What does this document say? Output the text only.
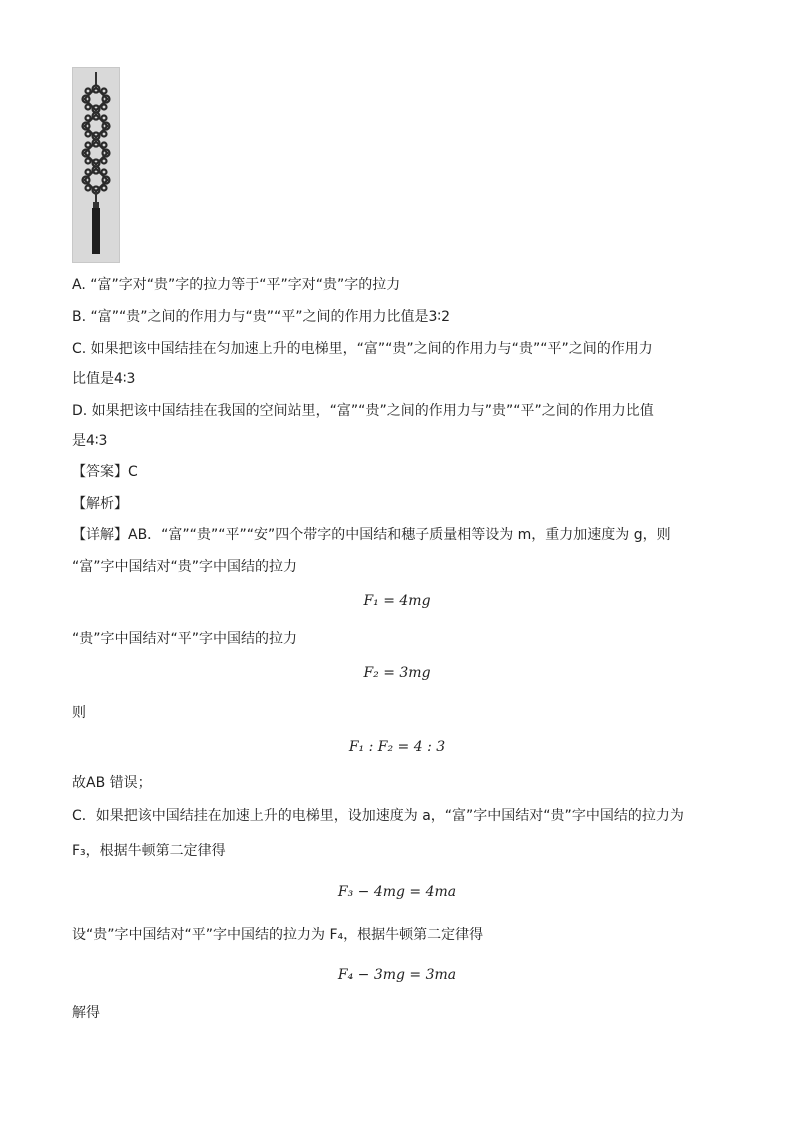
A. “富”字对“贵”字的拉力等于“平”字对“贵”字的拉力
B. “富”“贵”之间的作用力与“贵”“平”之间的作用力比值是3∶2
C. 如果把该中国结挂在匀加速上升的电梯里，“富”“贵”之间的作用力与“贵”“平”之间的作用力
比值是4∶3
D. 如果把该中国结挂在我国的空间站里，“富”“贵”之间的作用力与”贵”“平”之间的作用力比值
是4∶3
【答案】C
【解析】
【详解】AB．“富”“贵”“平”“安”四个带字的中国结和穗子质量相等设为 m，重力加速度为 g，则
“富”字中国结对“贵”字中国结的拉力
F₁ = 4mg
“贵”字中国结对“平”字中国结的拉力
F₂ = 3mg
则
F₁ : F₂ = 4 : 3
故AB 错误；
C．如果把该中国结挂在加速上升的电梯里，设加速度为 a，“富”字中国结对“贵”字中国结的拉力为
F₃，根据牛顿第二定律得
F₃ − 4mg = 4ma
设“贵”字中国结对“平”字中国结的拉力为 F₄，根据牛顿第二定律得
F₄ − 3mg = 3ma
解得
